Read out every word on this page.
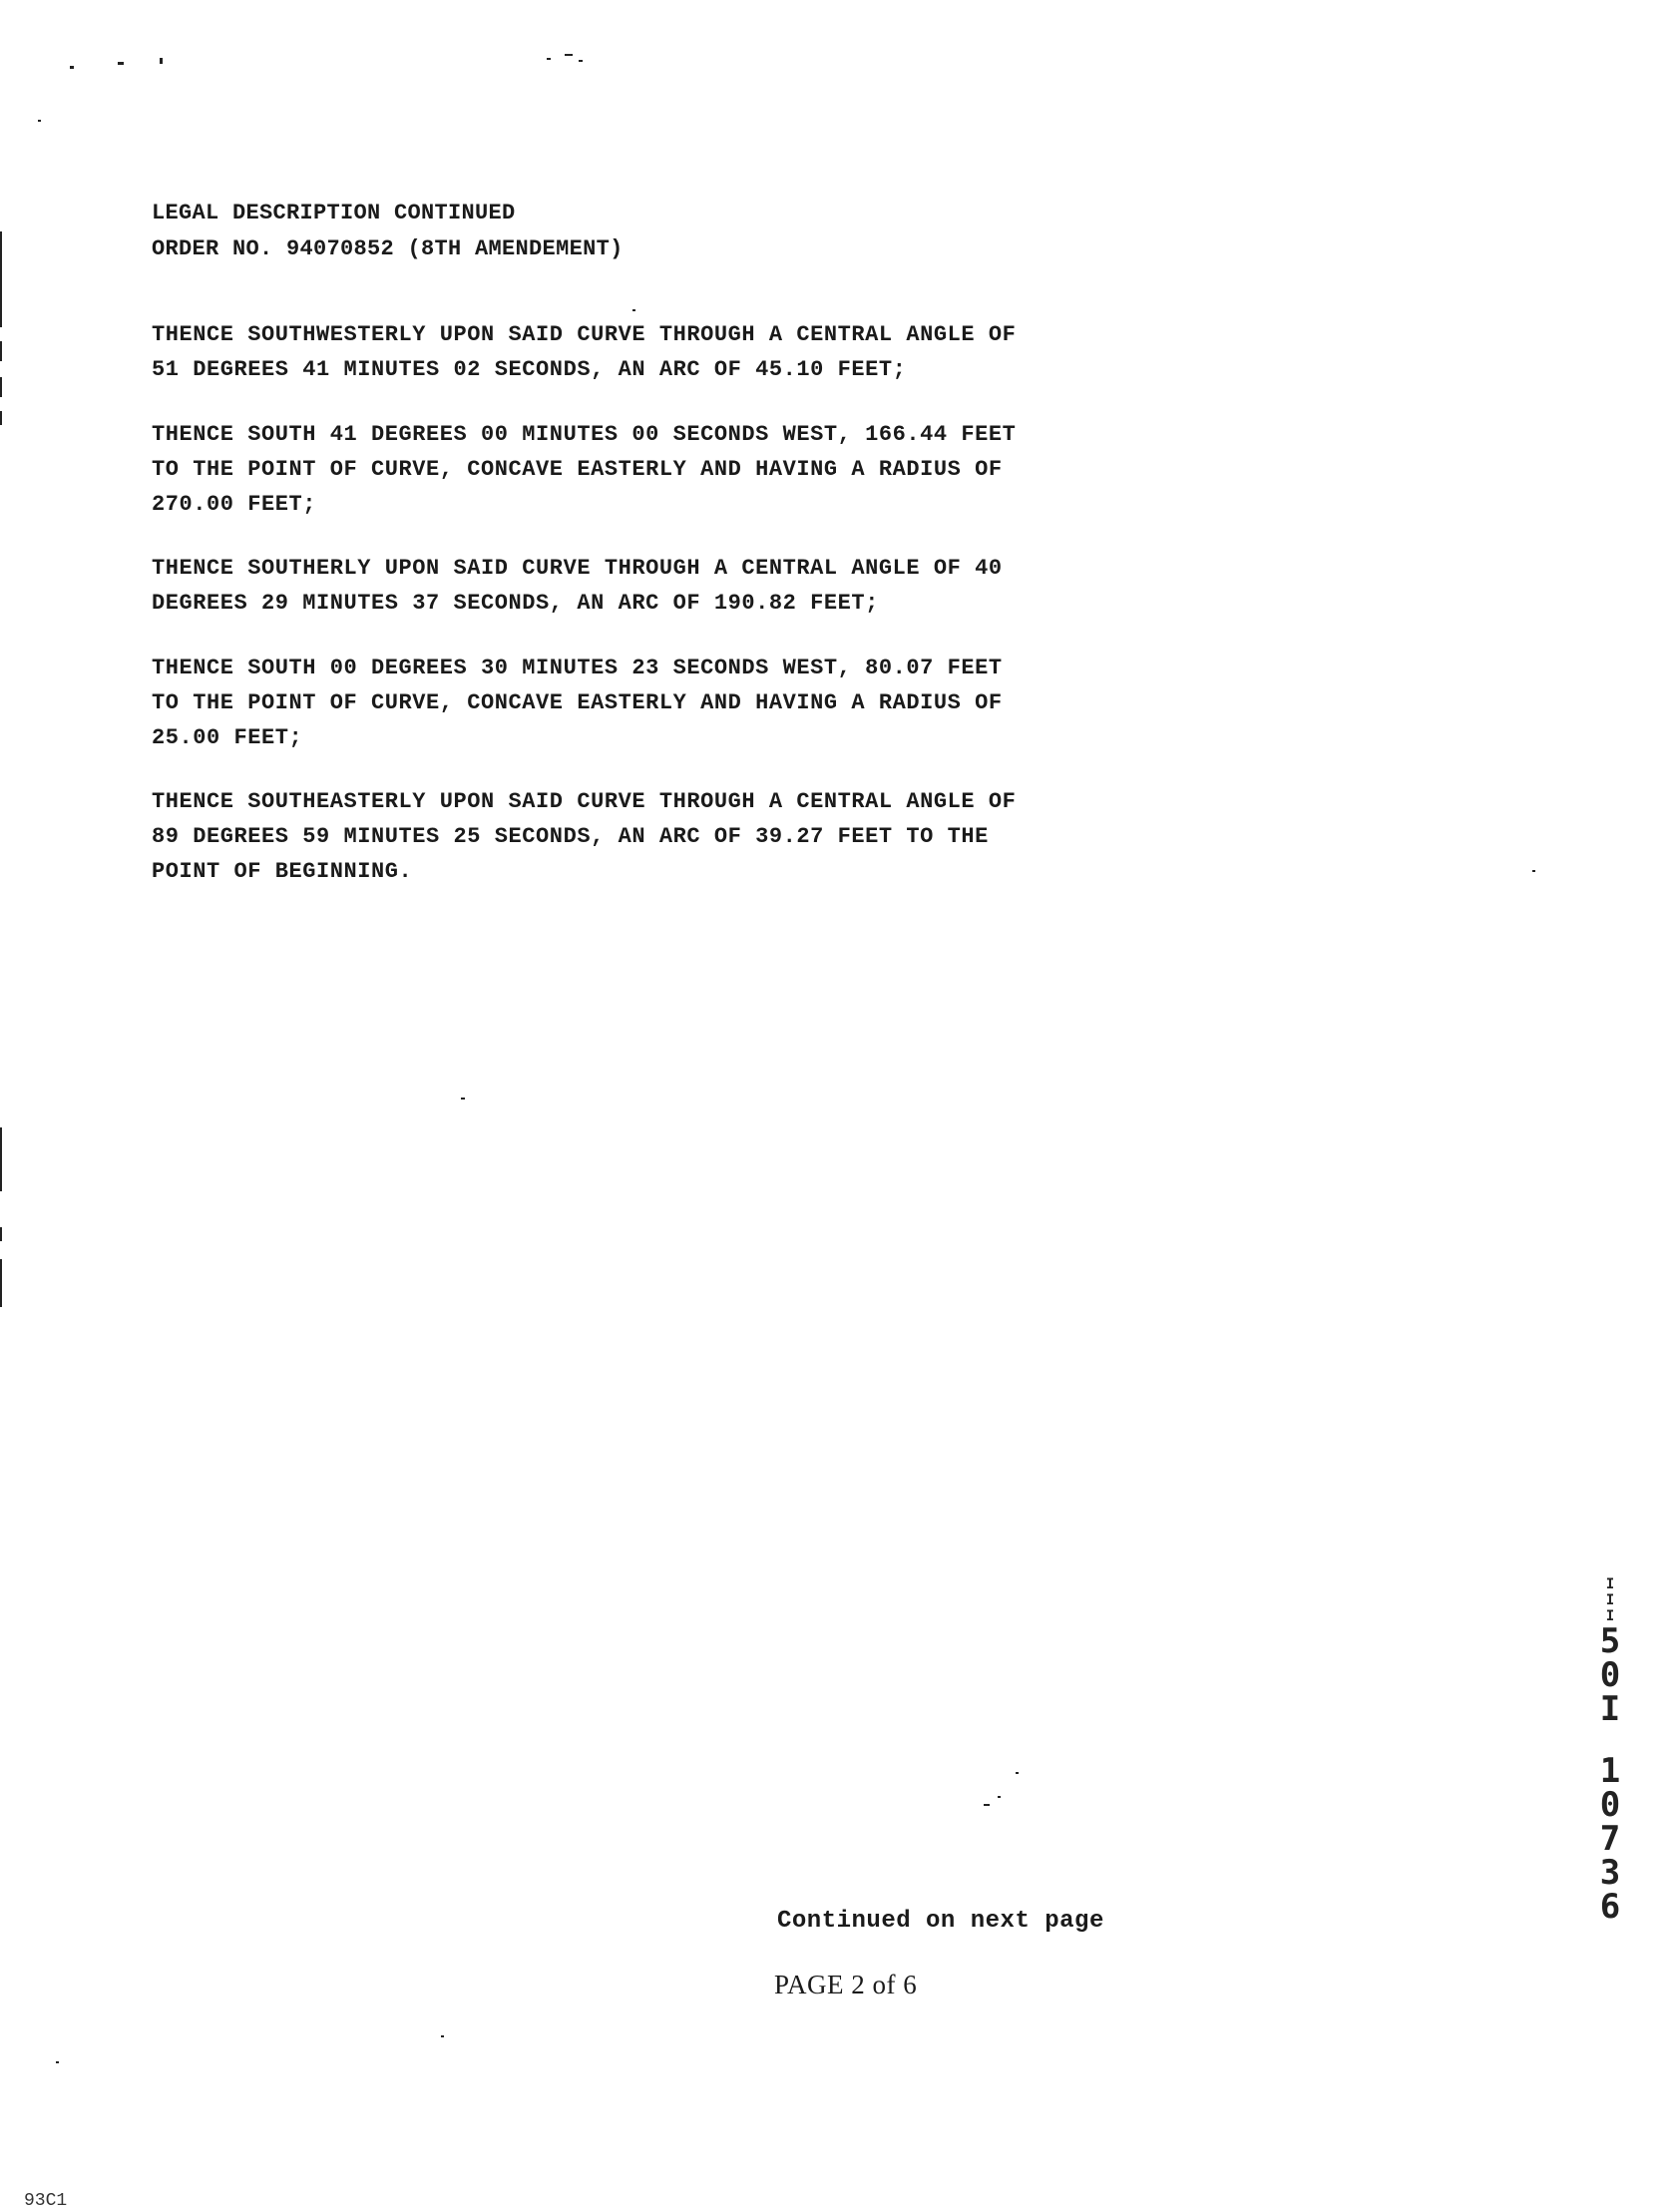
LEGAL DESCRIPTION CONTINUED
ORDER NO. 94070852 (8TH AMENDEMENT)
THENCE SOUTHWESTERLY UPON SAID CURVE THROUGH A CENTRAL ANGLE OF
51 DEGREES 41 MINUTES 02 SECONDS, AN ARC OF 45.10 FEET;
THENCE SOUTH 41 DEGREES 00 MINUTES 00 SECONDS WEST, 166.44 FEET
TO THE POINT OF CURVE, CONCAVE EASTERLY AND HAVING A RADIUS OF
270.00 FEET;
THENCE SOUTHERLY UPON SAID CURVE THROUGH A CENTRAL ANGLE OF 40
DEGREES 29 MINUTES 37 SECONDS, AN ARC OF 190.82 FEET;
THENCE SOUTH 00 DEGREES 30 MINUTES 23 SECONDS WEST, 80.07 FEET
TO THE POINT OF CURVE, CONCAVE EASTERLY AND HAVING A RADIUS OF
25.00 FEET;
THENCE SOUTHEASTERLY UPON SAID CURVE THROUGH A CENTRAL ANGLE OF
89 DEGREES 59 MINUTES 25 SECONDS, AN ARC OF 39.27 FEET TO THE
POINT OF BEGINNING.
Continued on next page
PAGE 2 of 6
I
I
I
5
0
I
1
0
7
3
6
93C1
